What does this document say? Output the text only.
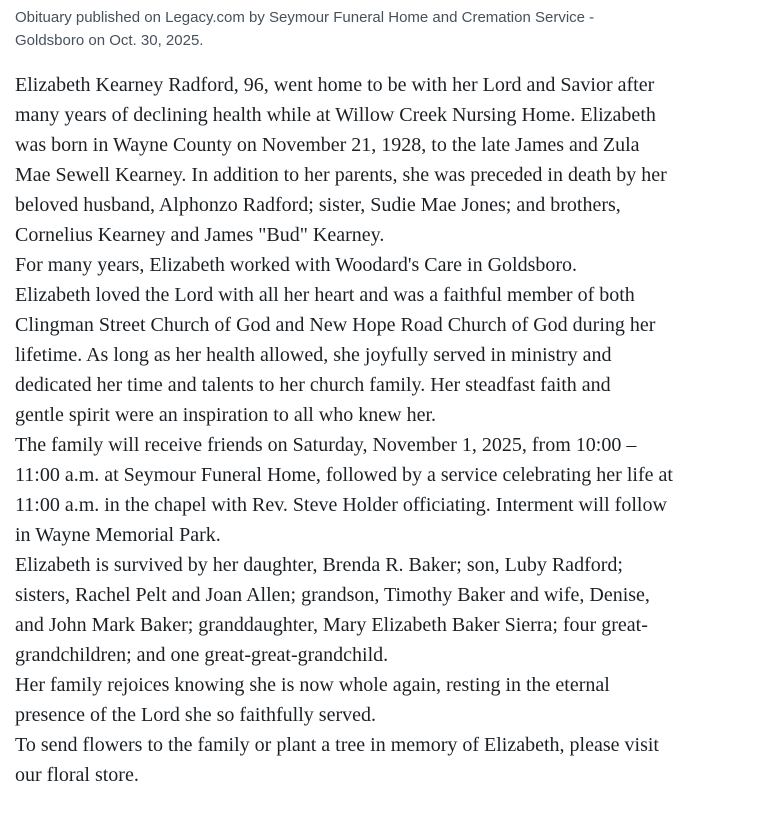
Obituary published on Legacy.com by Seymour Funeral Home and Cremation Service -
Goldsboro on Oct. 30, 2025.

Elizabeth Kearney Radford, 96, went home to be with her Lord and Savior after
many years of declining health while at Willow Creek Nursing Home. Elizabeth
was born in Wayne County on November 21, 1928, to the late James and Zula
Mae Sewell Kearney. In addition to her parents, she was preceded in death by her
beloved husband, Alphonzo Radford; sister, Sudie Mae Jones; and brothers,
Cornelius Kearney and James "Bud" Kearney.

For many years, Elizabeth worked with Woodard's Care in Goldsboro.

Elizabeth loved the Lord with all her heart and was a faithful member of both
Clingman Street Church of God and New Hope Road Church of God during her
lifetime. As long as her health allowed, she joyfully served in ministry and
dedicated her time and talents to her church family. Her steadfast faith and
gentle spirit were an inspiration to all who knew her.

The family will receive friends on Saturday, November 1, 2025, from 10:00 –
11:00 a.m. at Seymour Funeral Home, followed by a service celebrating her life at
11:00 a.m. in the chapel with Rev. Steve Holder officiating. Interment will follow
in Wayne Memorial Park.

Elizabeth is survived by her daughter, Brenda R. Baker; son, Luby Radford;
sisters, Rachel Pelt and Joan Allen; grandson, Timothy Baker and wife, Denise,
and John Mark Baker; granddaughter, Mary Elizabeth Baker Sierra; four great-
grandchildren; and one great-great-grandchild.

Her family rejoices knowing she is now whole again, resting in the eternal
presence of the Lord she so faithfully served.

To send flowers to the family or plant a tree in memory of Elizabeth, please visit
our floral store.
